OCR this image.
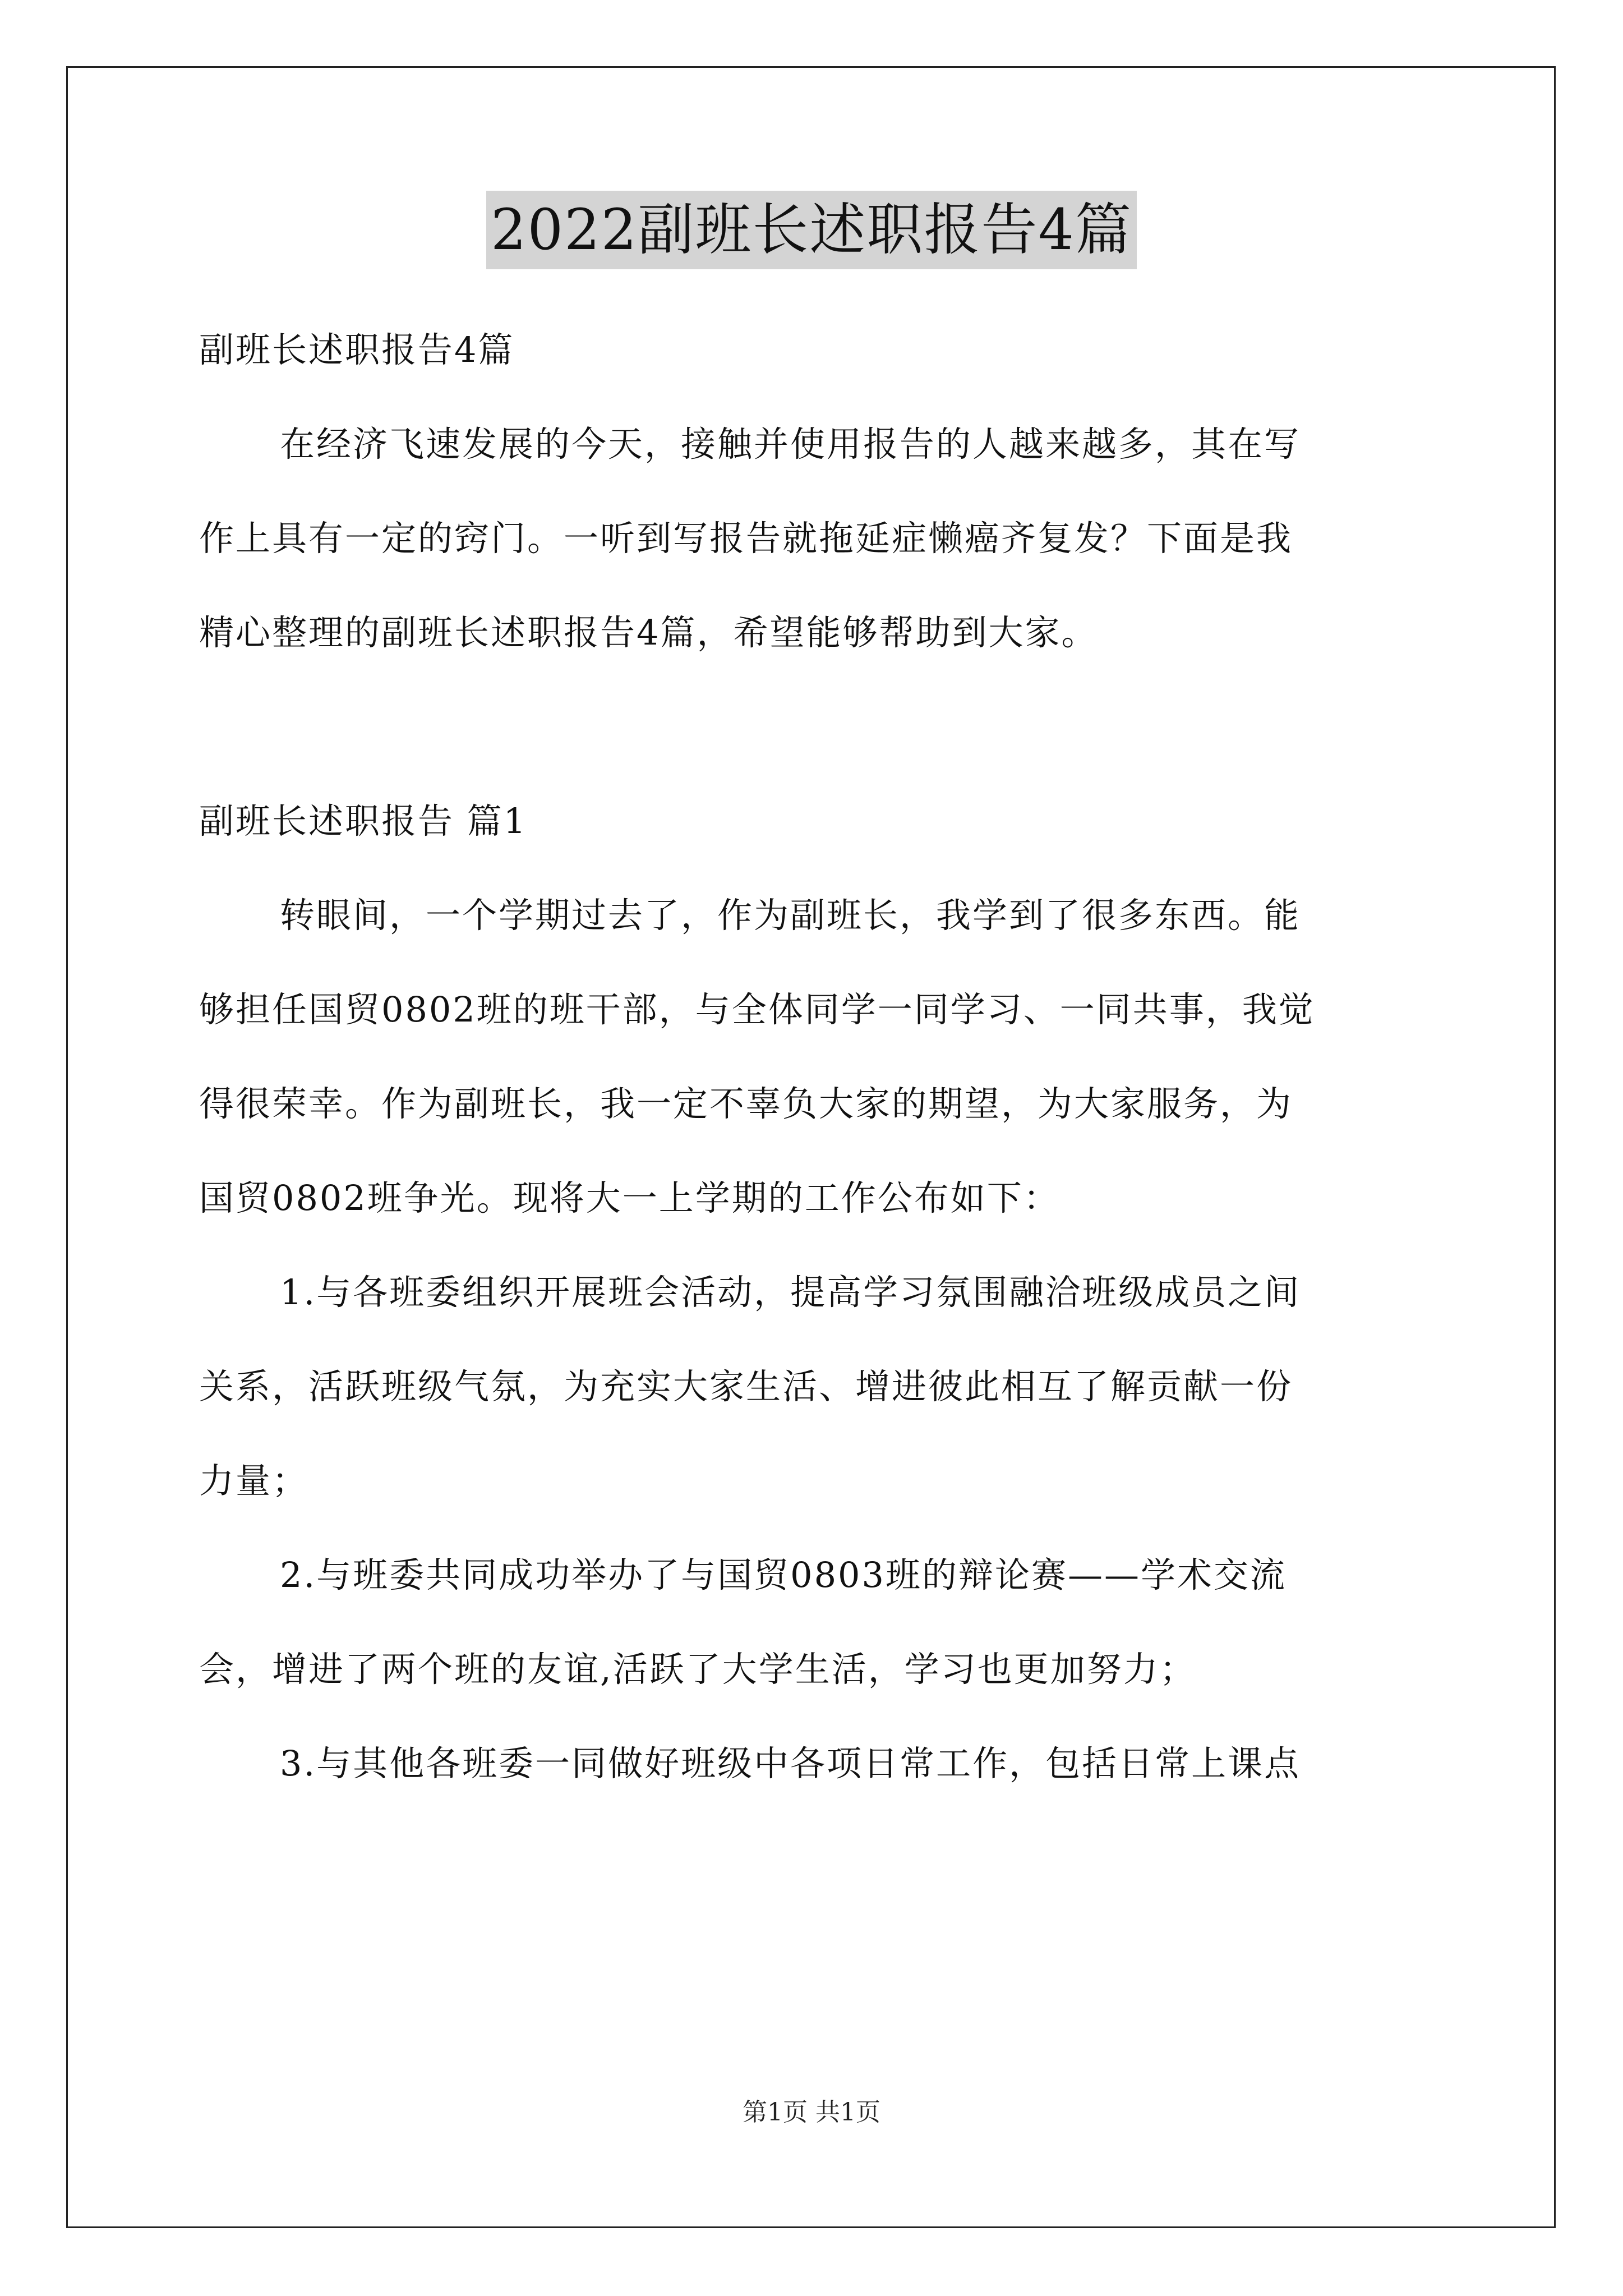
2022副班长述职报告4篇
副班长述职报告4篇
在经济飞速发展的今天，接触并使用报告的人越来越多，其在写
作上具有一定的窍门。一听到写报告就拖延症懒癌齐复发？下面是我
精心整理的副班长述职报告4篇，希望能够帮助到大家。
副班长述职报告 篇1
转眼间，一个学期过去了，作为副班长，我学到了很多东西。能
够担任国贸0802班的班干部，与全体同学一同学习、一同共事，我觉
得很荣幸。作为副班长，我一定不辜负大家的期望，为大家服务，为
国贸0802班争光。现将大一上学期的工作公布如下：
1.与各班委组织开展班会活动，提高学习氛围融洽班级成员之间
关系，活跃班级气氛，为充实大家生活、增进彼此相互了解贡献一份
力量；
2.与班委共同成功举办了与国贸0803班的辩论赛——学术交流
会，增进了两个班的友谊,活跃了大学生活，学习也更加努力；
3.与其他各班委一同做好班级中各项日常工作，包括日常上课点
第1页 共1页
